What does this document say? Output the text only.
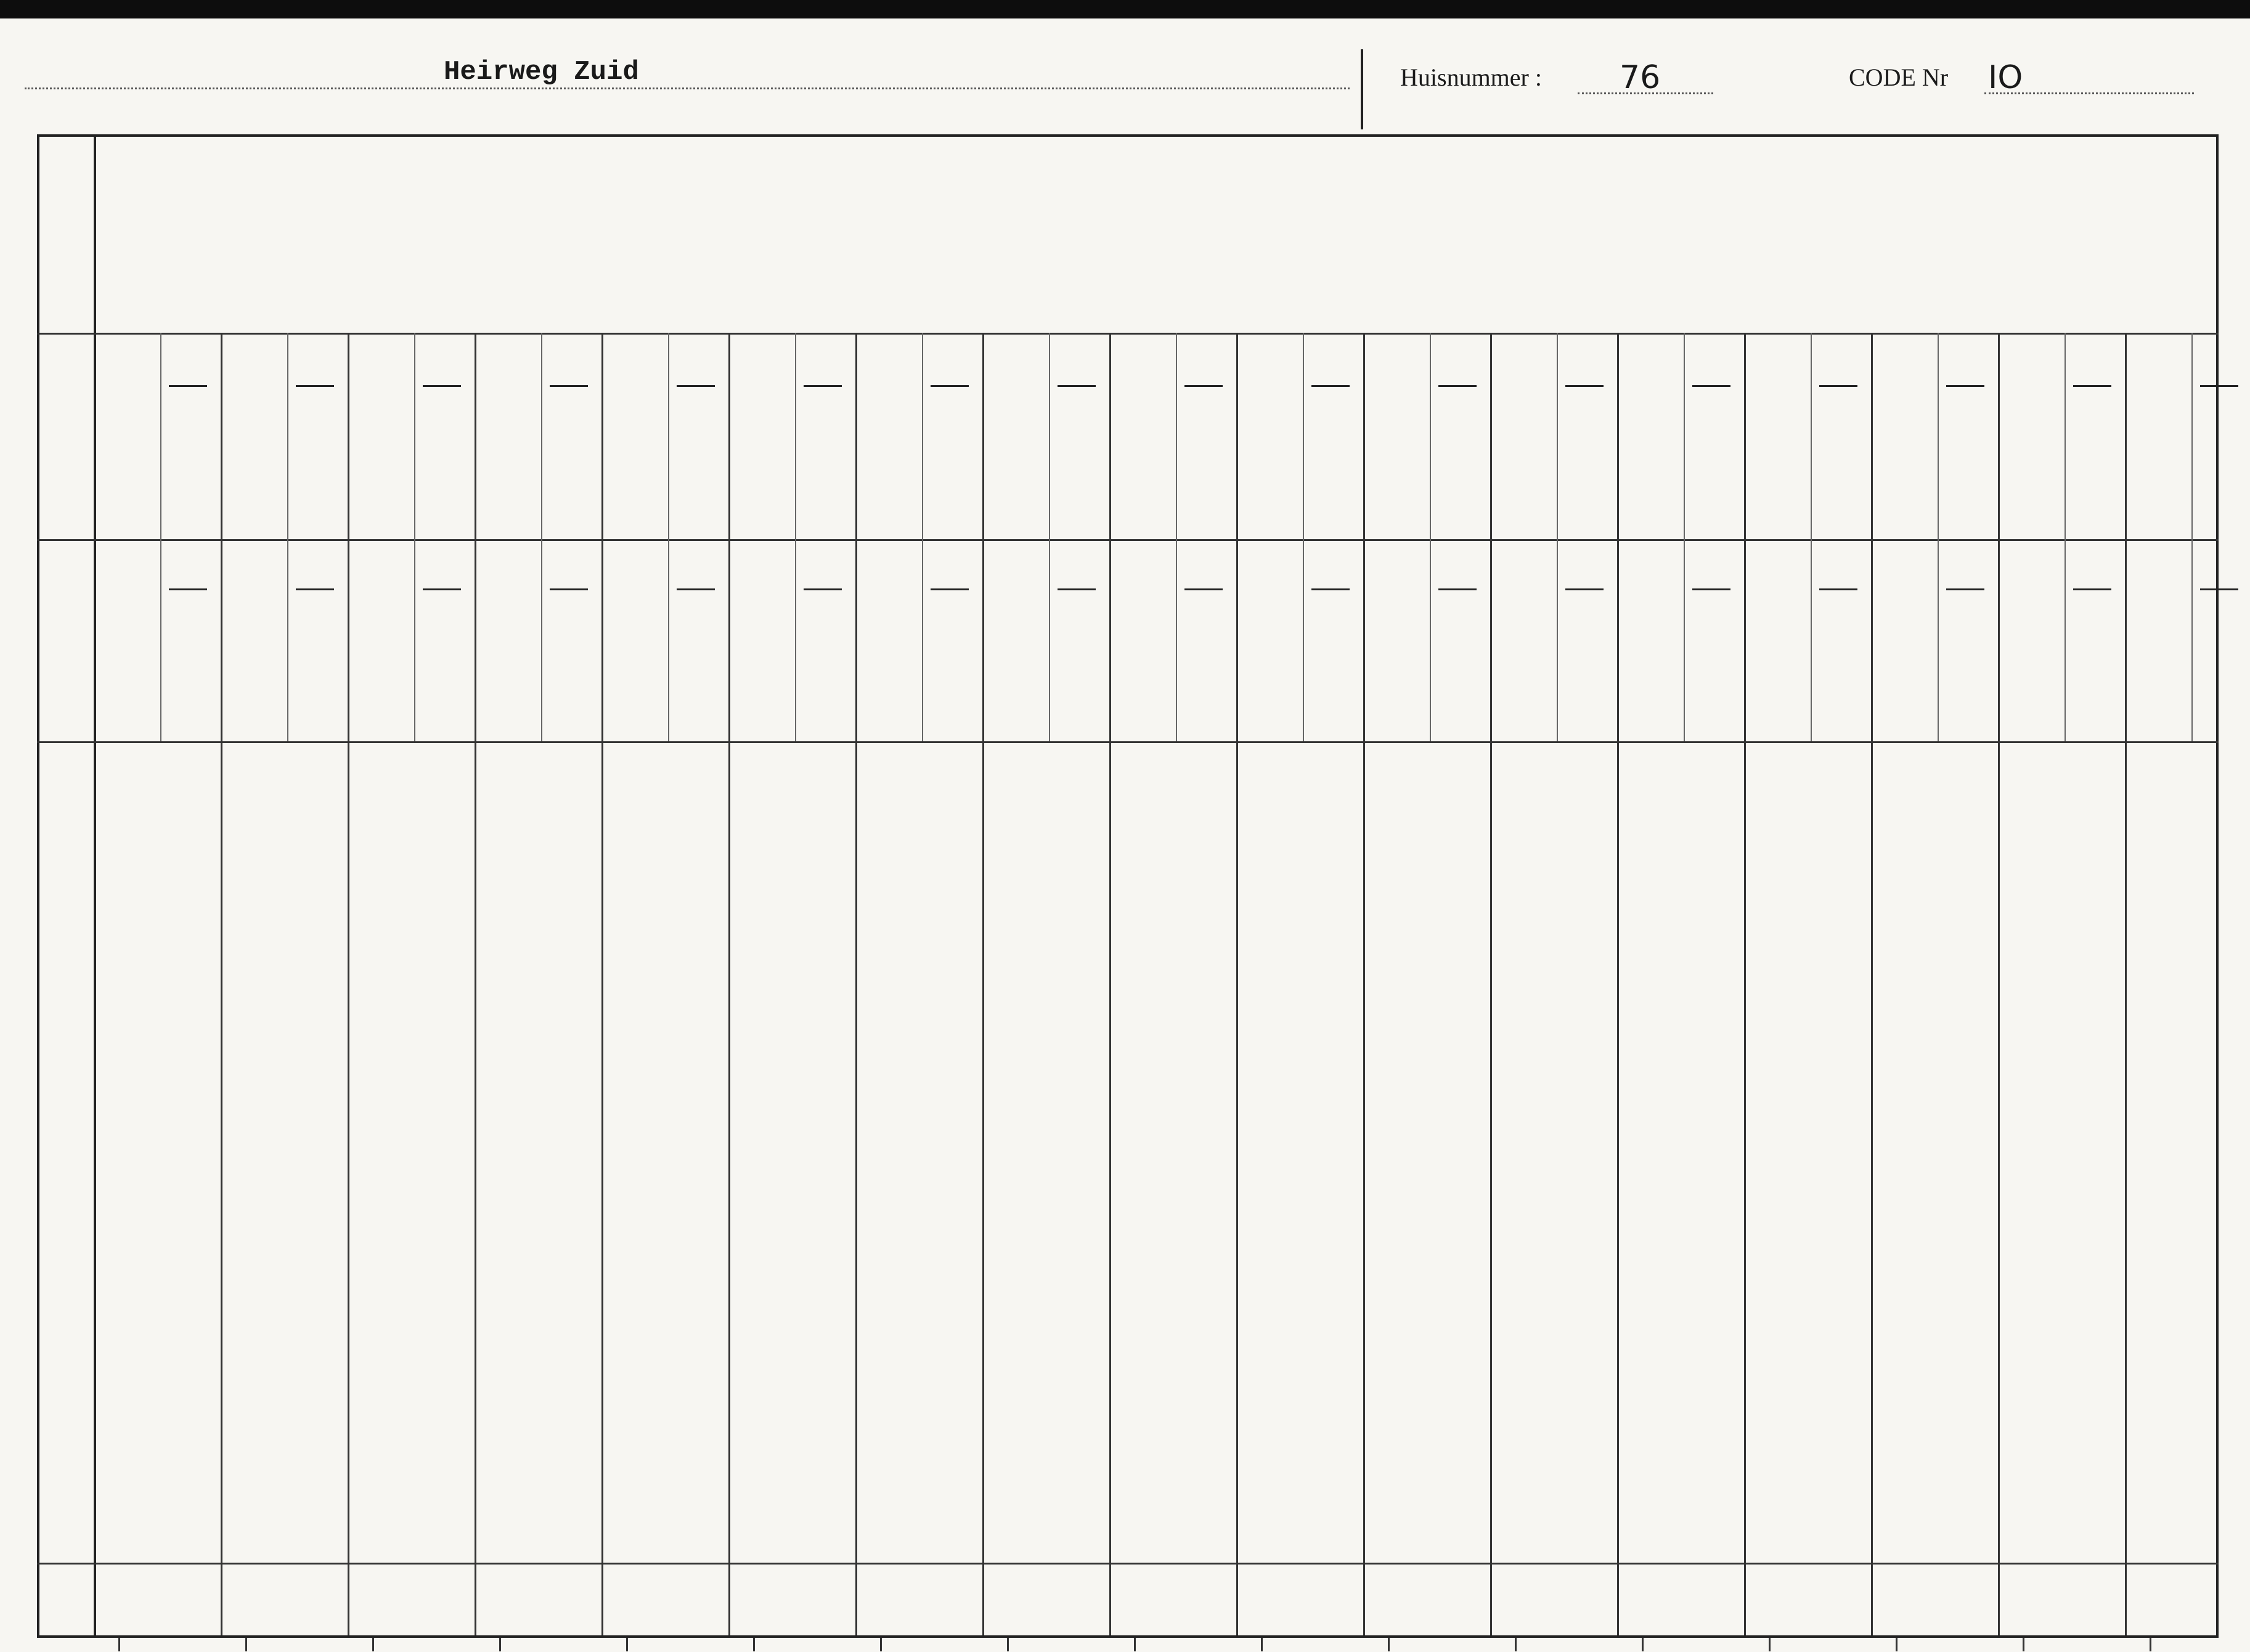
Heirweg Zuid	Huisnummer : 76	CODE Nr IO
